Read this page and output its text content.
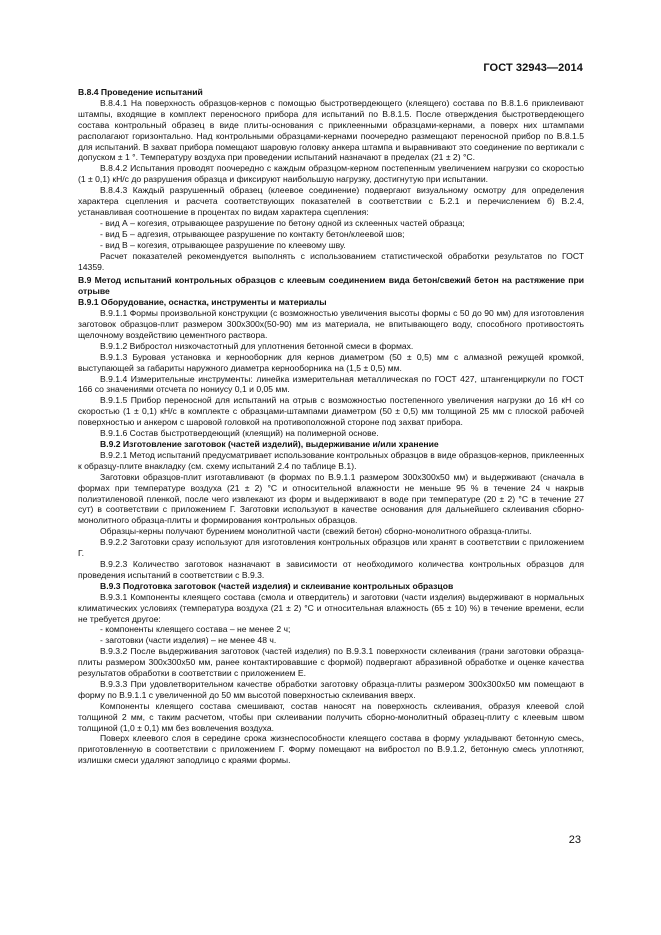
ГОСТ 32943—2014
В.8.4 Проведение испытаний
В.8.4.1 На поверхность образцов-кернов с помощью быстротвердеющего (клеящего) состава по В.8.1.6 приклеивают штампы, входящие в комплект переносного прибора для испытаний по В.8.1.5. После отверждения быстротвердеющего состава контрольный образец в виде плиты-основания с приклеенными образцами-кернами, а поверх них штампами располагают горизонтально. Над контрольными образцами-кернами поочередно размещают переносной прибор по В.8.1.5 для испытаний. В захват прибора помещают шаровую головку анкера штампа и выравнивают это соединение по вертикали с допуском ± 1 °. Температуру воздуха при проведении испытаний назначают в пределах (21 ± 2) °С.
В.8.4.2 Испытания проводят поочередно с каждым образцом-керном постепенным увеличением нагрузки со скоростью (1 ± 0,1) кН/с до разрушения образца и фиксируют наибольшую нагрузку, достигнутую при испытании.
В.8.4.3 Каждый разрушенный образец (клеевое соединение) подвергают визуальному осмотру для определения характера сцепления и расчета соответствующих показателей в соответствии с Б.2.1 и перечислением б) В.2.4, устанавливая соотношение в процентах по видам характера сцепления:
- вид А – когезия, отрывающее разрушение по бетону одной из склеенных частей образца;
- вид Б – адгезия, отрывающее разрушение по контакту бетон/клеевой шов;
- вид В – когезия, отрывающее разрушение по клеевому шву.
Расчет показателей рекомендуется выполнять с использованием статистической обработки результатов по ГОСТ 14359.
В.9 Метод испытаний контрольных образцов с клеевым соединением вида бетон/свежий бетон на растяжение при отрыве
В.9.1 Оборудование, оснастка, инструменты и материалы
В.9.1.1 Формы произвольной конструкции (с возможностью увеличения высоты формы с 50 до 90 мм) для изготовления заготовок образцов-плит размером 300х300х(50-90) мм из материала, не впитывающего воду, способного противостоять щелочному воздействию цементного раствора.
В.9.1.2 Вибростол низкочастотный для уплотнения бетонной смеси в формах.
В.9.1.3 Буровая установка и кернооборник для кернов диаметром (50 ± 0,5) мм с алмазной режущей кромкой, выступающей за габариты наружного диаметра кернооборника на (1,5 ± 0,5) мм.
В.9.1.4 Измерительные инструменты: линейка измерительная металлическая по ГОСТ 427, штангенциркули по ГОСТ 166 со значениями отсчета по нониусу 0,1 и 0,05 мм.
В.9.1.5 Прибор переносной для испытаний на отрыв с возможностью постепенного увеличения нагрузки до 16 кН со скоростью (1 ± 0,1) кН/с в комплекте с образцами-штампами диаметром (50 ± 0,5) мм толщиной 25 мм с плоской рабочей поверхностью и анкером с шаровой головкой на противоположной стороне под захват прибора.
В.9.1.6 Состав быстротвердеющий (клеящий) на полимерной основе.
В.9.2 Изготовление заготовок (частей изделий), выдерживание и/или хранение
В.9.2.1 Метод испытаний предусматривает использование контрольных образцов в виде образцов-кернов, приклеенных к образцу-плите внакладку (см. схему испытаний 2.4 по таблице В.1).
Заготовки образцов-плит изготавливают (в формах по В.9.1.1 размером 300х300х50 мм) и выдерживают (сначала в формах при температуре воздуха (21 ± 2) °С и относительной влажности не меньше 95 % в течение 24 ч накрыв полиэтиленовой пленкой, после чего извлекают из форм и выдерживают в воде при температуре (20 ± 2) °С в течение 27 сут) в соответствии с приложением Г. Заготовки используют в качестве основания для дальнейшего склеивания сборно-монолитного образца-плиты и формирования контрольных образцов.
Образцы-керны получают бурением монолитной части (свежий бетон) сборно-монолитного образца-плиты.
В.9.2.2 Заготовки сразу используют для изготовления контрольных образцов или хранят в соответствии с приложением Г.
В.9.2.3 Количество заготовок назначают в зависимости от необходимого количества контрольных образцов для проведения испытаний в соответствии с В.9.3.
В.9.3 Подготовка заготовок (частей изделия) и склеивание контрольных образцов
В.9.3.1 Компоненты клеящего состава (смола и отвердитель) и заготовки (части изделия) выдерживают в нормальных климатических условиях (температура воздуха (21 ± 2) °С и относительная влажность (65 ± 10) %) в течение времени, если не требуется другое:
- компоненты клеящего состава – не менее 2 ч;
- заготовки (части изделия) – не менее 48 ч.
В.9.3.2 После выдерживания заготовок (частей изделия) по В.9.3.1 поверхности склеивания (грани заготовки образца-плиты размером 300х300х50 мм, ранее контактировавшие с формой) подвергают абразивной обработке и оценке качества результатов обработки в соответствии с приложением Е.
В.9.3.3 При удовлетворительном качестве обработки заготовку образца-плиты размером 300х300х50 мм помещают в форму по В.9.1.1 с увеличенной до 50 мм высотой поверхностью склеивания вверх.
Компоненты клеящего состава смешивают, состав наносят на поверхность склеивания, образуя клеевой слой толщиной 2 мм, с таким расчетом, чтобы при склеивании получить сборно-монолитный образец-плиту с клеевым швом толщиной (1,0 ± 0,1) мм без вовлечения воздуха.
Поверх клеевого слоя в середине срока жизнеспособности клеящего состава в форму укладывают бетонную смесь, приготовленную в соответствии с приложением Г. Форму помещают на вибростол по В.9.1.2, бетонную смесь уплотняют, излишки смеси удаляют заподлицо с краями формы.
23
